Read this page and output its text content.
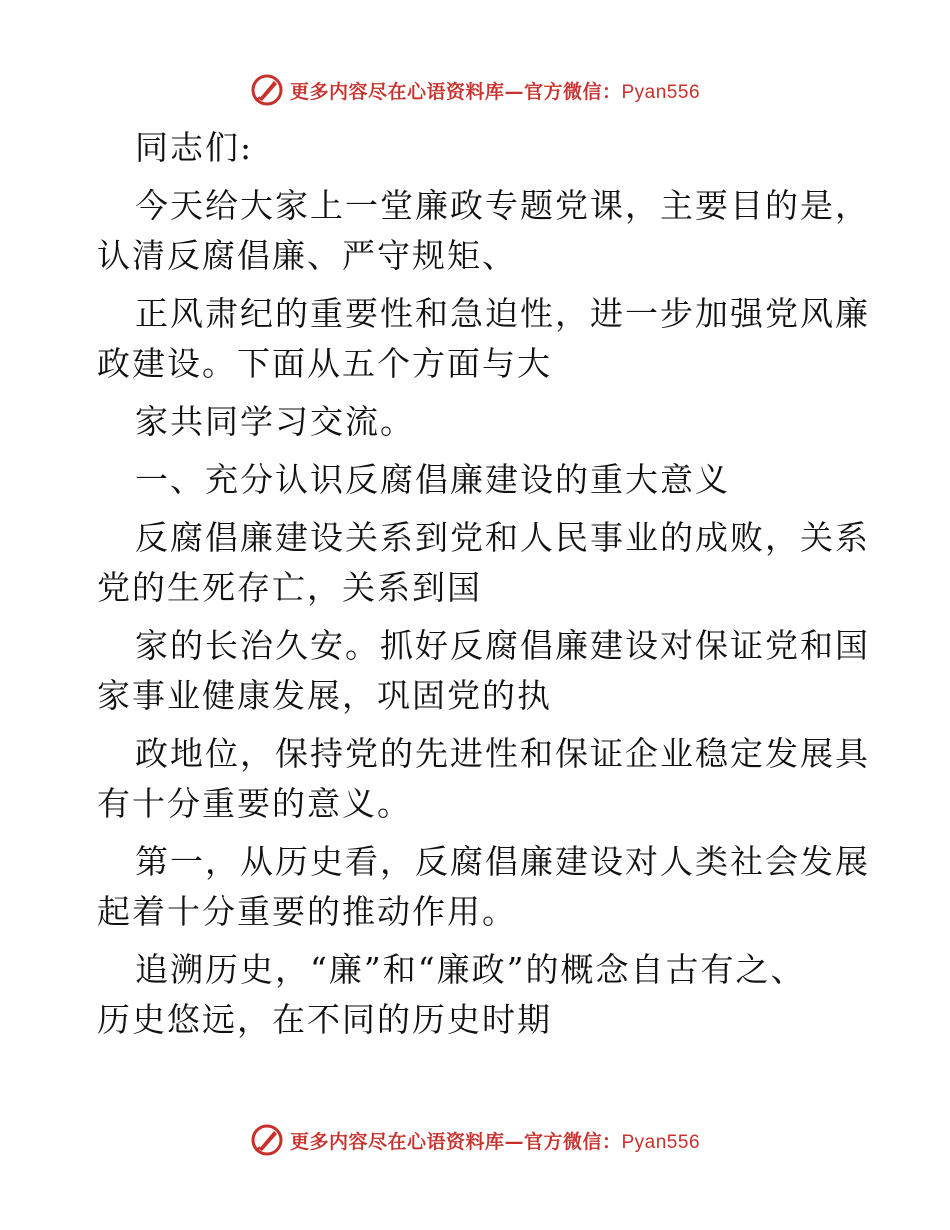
更多内容尽在心语资料库—官方微信：Pyan556
同志们:
今天给大家上一堂廉政专题党课，主要目的是，
认清反腐倡廉、严守规矩、
正风肃纪的重要性和急迫性，进一步加强党风廉
政建设。下面从五个方面与大
家共同学习交流。
一、充分认识反腐倡廉建设的重大意义
反腐倡廉建设关系到党和人民事业的成败，关系
党的生死存亡，关系到国
家的长治久安。抓好反腐倡廉建设对保证党和国
家事业健康发展，巩固党的执
政地位，保持党的先进性和保证企业稳定发展具
有十分重要的意义。
第一，从历史看，反腐倡廉建设对人类社会发展
起着十分重要的推动作用。
追溯历史，“廉”和“廉政”的概念自古有之、
历史悠远，在不同的历史时期
更多内容尽在心语资料库—官方微信：Pyan556
